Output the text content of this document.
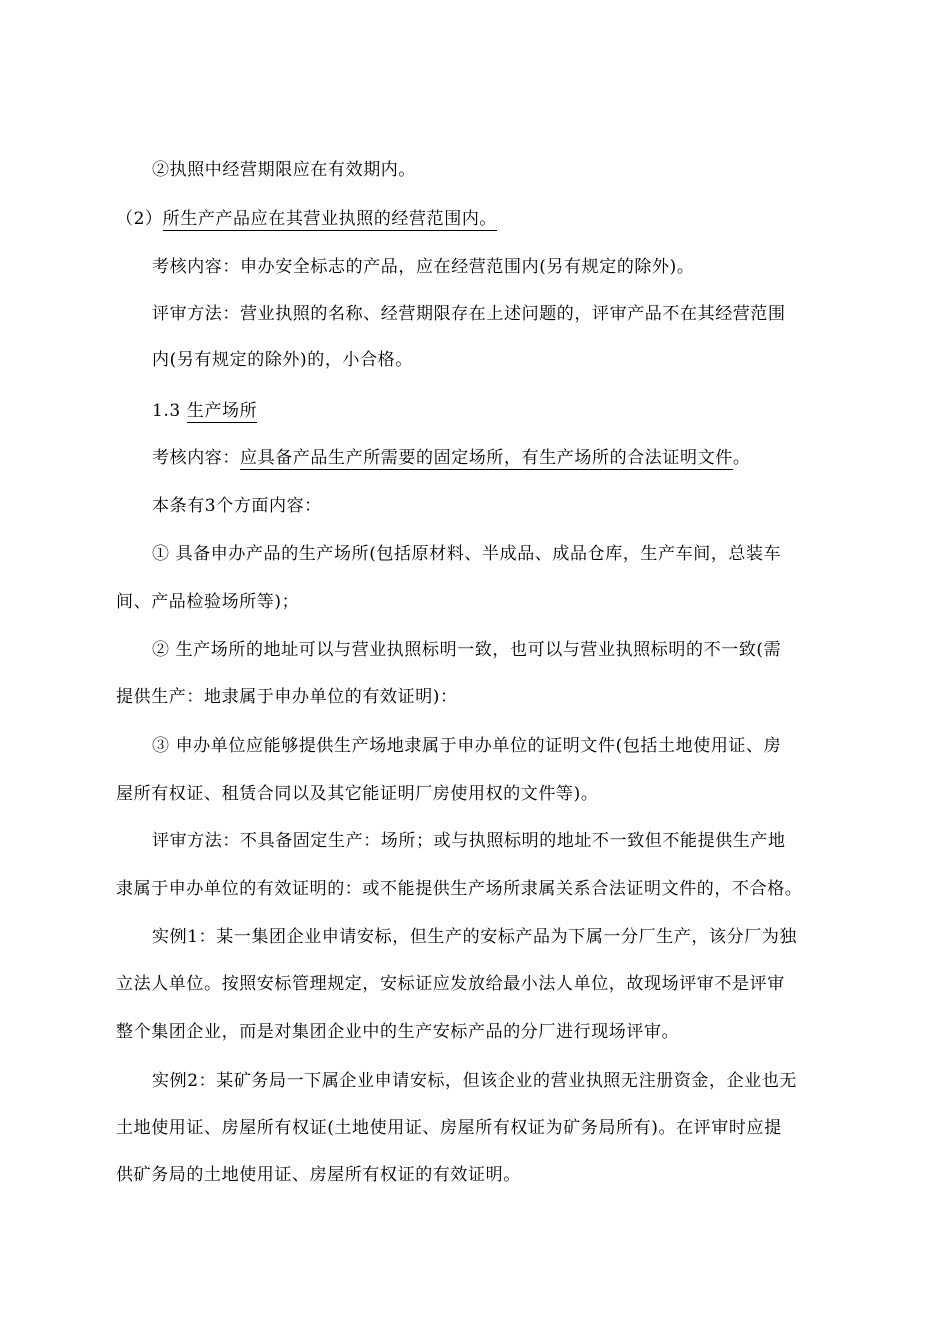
②执照中经营期限应在有效期内。
（2）所生产产品应在其营业执照的经营范围内。
考核内容：申办安全标志的产品，应在经营范围内(另有规定的除外)。
评审方法：营业执照的名称、经营期限存在上述问题的，评审产品不在其经营范围
内(另有规定的除外)的，小合格。
1.3 生产场所
考核内容：应具备产品生产所需要的固定场所，有生产场所的合法证明文件。
本条有3个方面内容：
① 具备申办产品的生产场所(包括原材料、半成品、成品仓库，生产车间，总装车
间、产品检验场所等)；
② 生产场所的地址可以与营业执照标明一致，也可以与营业执照标明的不一致(需
提供生产：地隶属于申办单位的有效证明)：
③ 申办单位应能够提供生产场地隶属于申办单位的证明文件(包括土地使用证、房
屋所有权证、租赁合同以及其它能证明厂房使用权的文件等)。
评审方法：不具备固定生产：场所；或与执照标明的地址不一致但不能提供生产地
隶属于申办单位的有效证明的：或不能提供生产场所隶属关系合法证明文件的，不合格。
实例1：某一集团企业申请安标，但生产的安标产品为下属一分厂生产，该分厂为独
立法人单位。按照安标管理规定，安标证应发放给最小法人单位，故现场评审不是评审
整个集团企业，而是对集团企业中的生产安标产品的分厂进行现场评审。
实例2：某矿务局一下属企业申请安标，但该企业的营业执照无注册资金，企业也无
土地使用证、房屋所有权证(土地使用证、房屋所有权证为矿务局所有)。在评审时应提
供矿务局的土地使用证、房屋所有权证的有效证明。
